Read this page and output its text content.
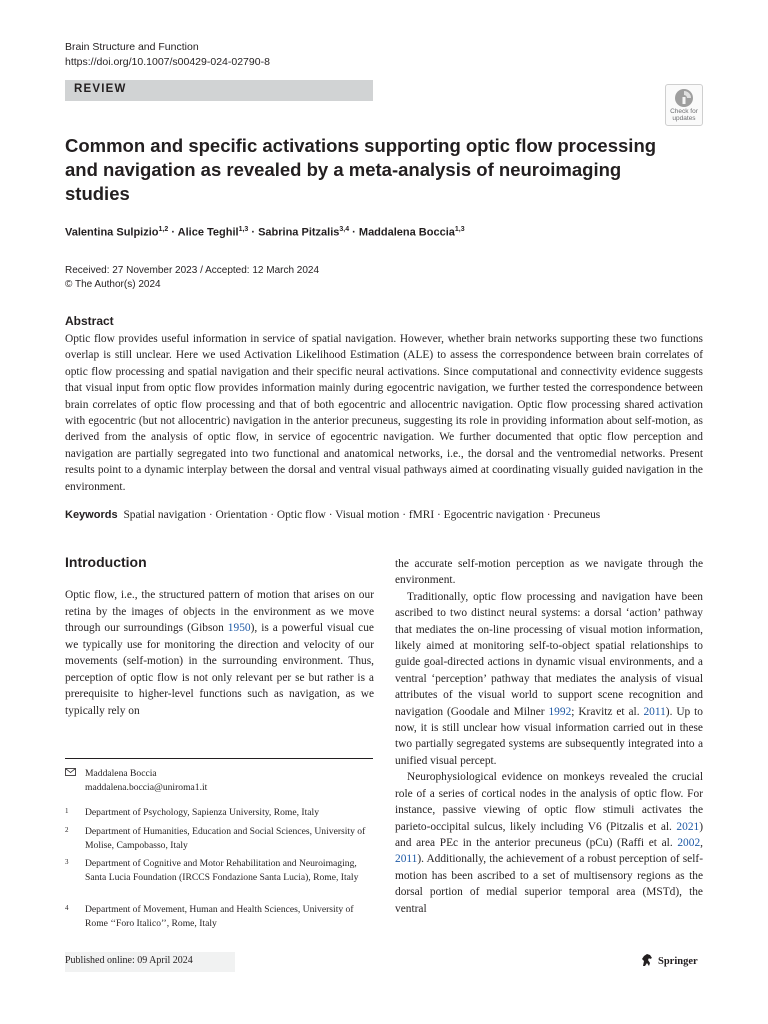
Brain Structure and Function
https://doi.org/10.1007/s00429-024-02790-8
REVIEW
Check for
updates
Common and specific activations supporting optic flow processing and navigation as revealed by a meta-analysis of neuroimaging studies
Valentina Sulpizio$^{1,2}$ · Alice Teghil$^{1,3}$ · Sabrina Pitzalis$^{3,4}$ · Maddalena Boccia$^{1,3}$
Received: 27 November 2023 / Accepted: 12 March 2024
© The Author(s) 2024
Abstract
Optic flow provides useful information in service of spatial navigation. However, whether brain networks supporting these two functions overlap is still unclear. Here we used Activation Likelihood Estimation (ALE) to assess the correspondence between brain correlates of optic flow processing and spatial navigation and their specific neural activations. Since computational and connectivity evidence suggests that visual input from optic flow provides information mainly during egocentric navigation, we further tested the correspondence between brain correlates of optic flow processing and that of both egocentric and allocentric navigation. Optic flow processing shared activation with egocentric (but not allocentric) navigation in the anterior precuneus, suggesting its role in providing information about self-motion, as derived from the analysis of optic flow, in service of egocentric navigation. We further documented that optic flow perception and navigation are partially segregated into two functional and anatomical networks, i.e., the dorsal and the ventromedial networks. Present results point to a dynamic interplay between the dorsal and ventral visual pathways aimed at coordinating visually guided navigation in the environment.
Keywords Spatial navigation · Orientation · Optic flow · Visual motion · fMRI · Egocentric navigation · Precuneus
Introduction
Optic flow, i.e., the structured pattern of motion that arises on our retina by the images of objects in the environment as we move through our surroundings (Gibson 1950), is a powerful visual cue we typically use for monitoring the direction and velocity of our movements (self-motion) in the surrounding environment. Thus, perception of optic flow is not only relevant per se but rather is a prerequisite to higher-level functions such as navigation, as we typically rely on

the accurate self-motion perception as we navigate through the environment.

Traditionally, optic flow processing and navigation have been ascribed to two distinct neural systems: a dorsal ‘action’ pathway that mediates the on-line processing of visual motion information, likely aimed at monitoring self-to-object spatial relationships to guide goal-directed actions in dynamic visual environments, and a ventral ‘perception’ pathway that mediates the analysis of visual attributes of the visual world to support scene recognition and navigation (Goodale and Milner 1992; Kravitz et al. 2011). Up to now, it is still unclear how visual information carried out in these two partially segregated systems are subsequently integrated into a unified visual percept.

Neurophysiological evidence on monkeys revealed the crucial role of a series of cortical nodes in the analysis of optic flow. For instance, passive viewing of optic flow stimuli activates the parieto-occipital sulcus, likely including V6 (Pitzalis et al. 2021) and area PEc in the anterior precuneus (pCu) (Raffi et al. 2002, 2011). Additionally, the achievement of a robust perception of self-motion has been ascribed to a set of multisensory regions as the dorsal portion of medial superior temporal area (MSTd), the ventral

Maddalena Boccia
maddalena.boccia@uniroma1.it
1 Department of Psychology, Sapienza University, Rome, Italy
2 Department of Humanities, Education and Social Sciences, University of Molise, Campobasso, Italy
3 Department of Cognitive and Motor Rehabilitation and Neuroimaging, Santa Lucia Foundation (IRCCS Fondazione Santa Lucia), Rome, Italy
4 Department of Movement, Human and Health Sciences, University of Rome ‘‘Foro Italico’’, Rome, Italy
Published online: 09 April 2024	Springer
